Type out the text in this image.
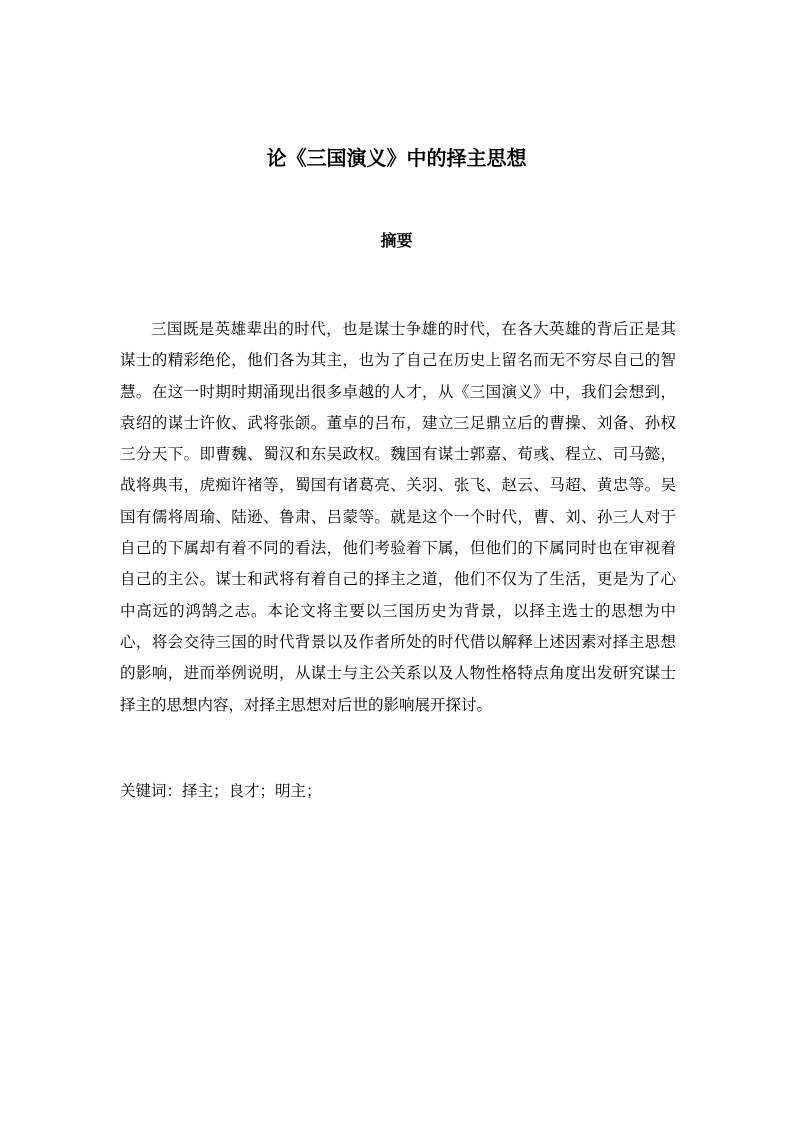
论《三国演义》中的择主思想
摘要

三国既是英雄辈出的时代，也是谋士争雄的时代，在各大英雄的背后正是其谋士的精彩绝伦，他们各为其主，也为了自己在历史上留名而无不穷尽自己的智慧。在这一时期时期涌现出很多卓越的人才，从《三国演义》中，我们会想到，袁绍的谋士许攸、武将张颌。董卓的吕布，建立三足鼎立后的曹操、刘备、孙权三分天下。即曹魏、蜀汉和东吴政权。魏国有谋士郭嘉、荀彧、程立、司马懿，战将典韦，虎痴许褚等，蜀国有诸葛亮、关羽、张飞、赵云、马超、黄忠等。吴国有儒将周瑜、陆逊、鲁肃、吕蒙等。就是这个一个时代，曹、刘、孙三人对于自己的下属却有着不同的看法，他们考验着下属，但他们的下属同时也在审视着自己的主公。谋士和武将有着自己的择主之道，他们不仅为了生活，更是为了心中高远的鸿鹄之志。本论文将主要以三国历史为背景，以择主选士的思想为中心，将会交待三国的时代背景以及作者所处的时代借以解释上述因素对择主思想的影响，进而举例说明，从谋士与主公关系以及人物性格特点角度出发研究谋士择主的思想内容，对择主思想对后世的影响展开探讨。

关键词：择主；良才；明主；
